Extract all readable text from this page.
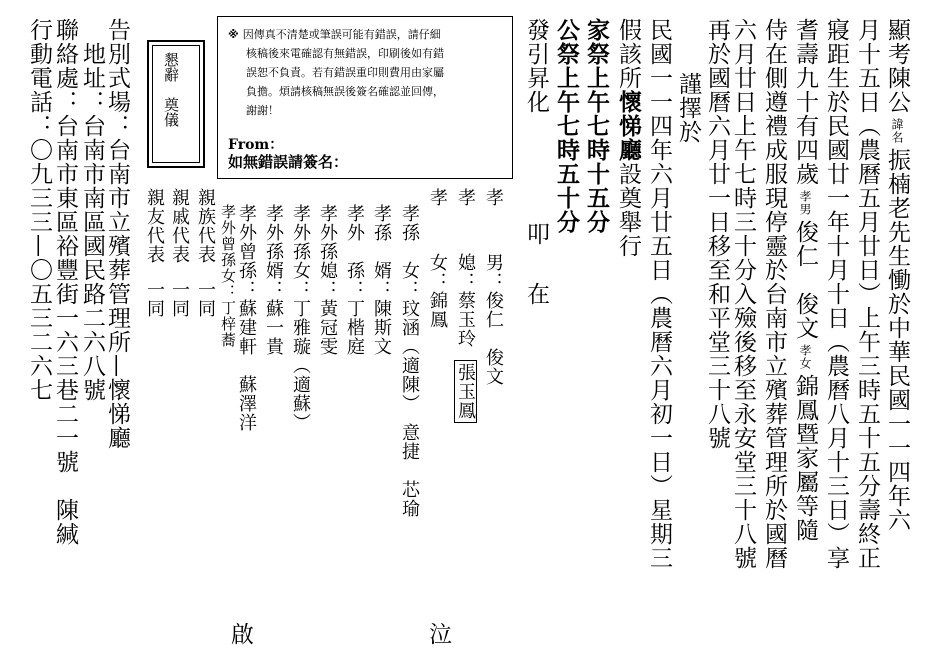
顯考陳公諱名振楠老先生慟於中華民國一一四年六
月十五日（農曆五月廿日）上午三時五十五分壽終正
寢距生於民國廿一年十月十日（農曆八月十三日）享
耆壽九十有四歲孝男俊仁　俊文孝女錦鳳暨家屬等隨
侍在側遵禮成服現停靈於台南市立殯葬管理所於國曆
六月廿日上午七時三十分入殮後移至永安堂三十八號
再於國曆六月廿一日移至和平堂三十八號
謹擇於
民國一一四年六月廿五日（農曆六月初一日）星期三
假該所懷悌廳設奠舉行
家祭上午七時十五分
公祭上午七時五十分
發引昇化叩在
※ 因傳真不清楚或筆誤可能有錯誤，請仔細
核稿後來電確認有無錯誤，印刷後如有錯
誤恕不負責。若有錯誤重印則費用由家屬
負擔。煩請核稿無誤後簽名確認並回傳，
謝謝！
From：
如無錯誤請簽名：
孝男：俊仁　俊文
孝媳：蔡玉玲張玉鳳
孝女：錦鳳
孝孫　女：玟涵（適陳）　意捷　芯瑜
孝孫　婿：陳斯文
孝外　孫：丁楷庭
孝外孫媳：黃冠雯
孝外孫女：丁雅璇（適蘇）
孝外孫婿：蘇一貴
孝外曾孫：蘇建軒　蘇澤洋
孝外曾孫女：丁梓蕎
親族代表一同
親戚代表一同
親友代表一同
泣
啟
懇辭　奠儀
告別式場：台南市立殯葬管理所—懷悌廳
地址：台南市南區國民路二六八號
聯絡處：台南市東區裕豐街一六三巷二一號　陳緘
行動電話：〇九三三—〇五三二六七
